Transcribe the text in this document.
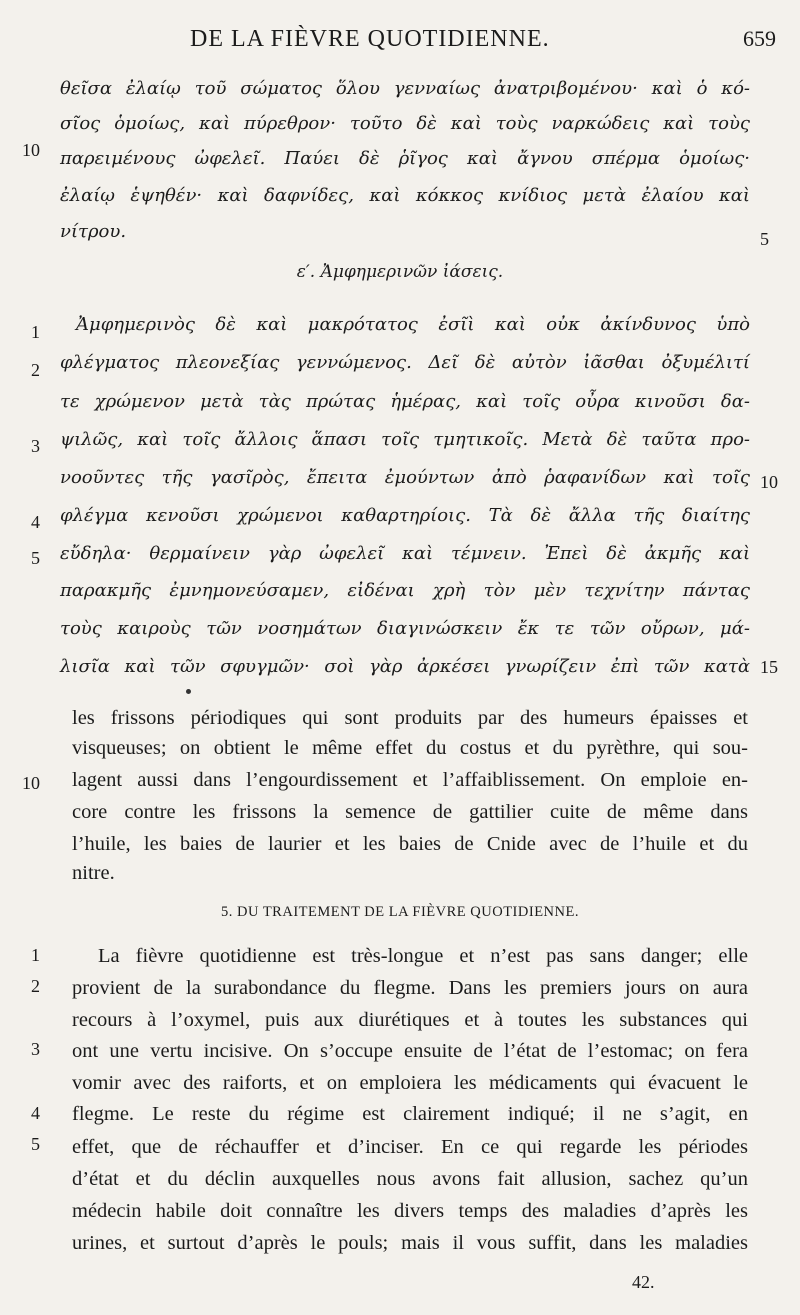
DE LA FIÈVRE QUOTIDIENNE.	659
θεῖσα ἐλαίῳ τοῦ σώματος ὅλου γενναίως ἀνατριβομένου· καὶ ὁ κό-
σῖος ὁμοίως, καὶ πύρεθρον· τοῦτο δὲ καὶ τοὺς ναρκώδεις καὶ τοὺς
παρειμένους ὠφελεῖ. Παύει δὲ ῥῖγος καὶ ἄγνου σπέρμα ὁμοίως·
ἐλαίῳ ἑψηθέν· καὶ δαφνίδες, καὶ κόκκος κνίδιος μετὰ ἐλαίου καὶ
νίτρου.
ε′. Ἀμφημερινῶν ἰάσεις.
Ἀμφημερινὸς δὲ καὶ μακρότατος ἐσῖὶ καὶ οὐκ ἀκίνδυνος ὑπὸ
φλέγματος πλεονεξίας γεννώμενος. Δεῖ δὲ αὐτὸν ἰᾶσθαι ὀξυμέλιτί
τε χρώμενον μετὰ τὰς πρώτας ἡμέρας, καὶ τοῖς οὖρα κινοῦσι δα-
ψιλῶς, καὶ τοῖς ἄλλοις ἅπασι τοῖς τμητικοῖς. Μετὰ δὲ ταῦτα προ-
νοοῦντες τῆς γασῖρὸς, ἔπειτα ἐμούντων ἀπὸ ῥαφανίδων καὶ τοῖς
φλέγμα κενοῦσι χρώμενοι καθαρτηρίοις. Τὰ δὲ ἄλλα τῆς διαίτης
εὔδηλα· θερμαίνειν γὰρ ὠφελεῖ καὶ τέμνειν. Ἐπεὶ δὲ ἀκμῆς καὶ
παρακμῆς ἐμνημονεύσαμεν, εἰδέναι χρὴ τὸν μὲν τεχνίτην πάντας
τοὺς καιροὺς τῶν νοσημάτων διαγινώσκειν ἔκ τε τῶν οὔρων, μά-
λισῖα καὶ τῶν σφυγμῶν· σοὶ γὰρ ἀρκέσει γνωρίζειν ἐπὶ τῶν κατὰ
les frissons périodiques qui sont produits par des humeurs épaisses et
visqueuses; on obtient le même effet du costus et du pyrèthre, qui sou-
lagent aussi dans l’engourdissement et l’affaiblissement. On emploie en-
core contre les frissons la semence de gattilier cuite de même dans
l’huile, les baies de laurier et les baies de Cnide avec de l’huile et du
nitre.
5. DU TRAITEMENT DE LA FIÈVRE QUOTIDIENNE.
La fièvre quotidienne est très-longue et n’est pas sans danger; elle
provient de la surabondance du flegme. Dans les premiers jours on aura
recours à l’oxymel, puis aux diurétiques et à toutes les substances qui
ont une vertu incisive. On s’occupe ensuite de l’état de l’estomac; on fera
vomir avec des raiforts, et on emploiera les médicaments qui évacuent le
flegme. Le reste du régime est clairement indiqué; il ne s’agit, en
effet, que de réchauffer et d’inciser. En ce qui regarde les périodes
d’état et du déclin auxquelles nous avons fait allusion, sachez qu’un
médecin habile doit connaître les divers temps des maladies d’après les
urines, et surtout d’après le pouls; mais il vous suffit, dans les maladies
10
5
1
2
3
10
4
5
15
10
1
2
3
4
5
42.
